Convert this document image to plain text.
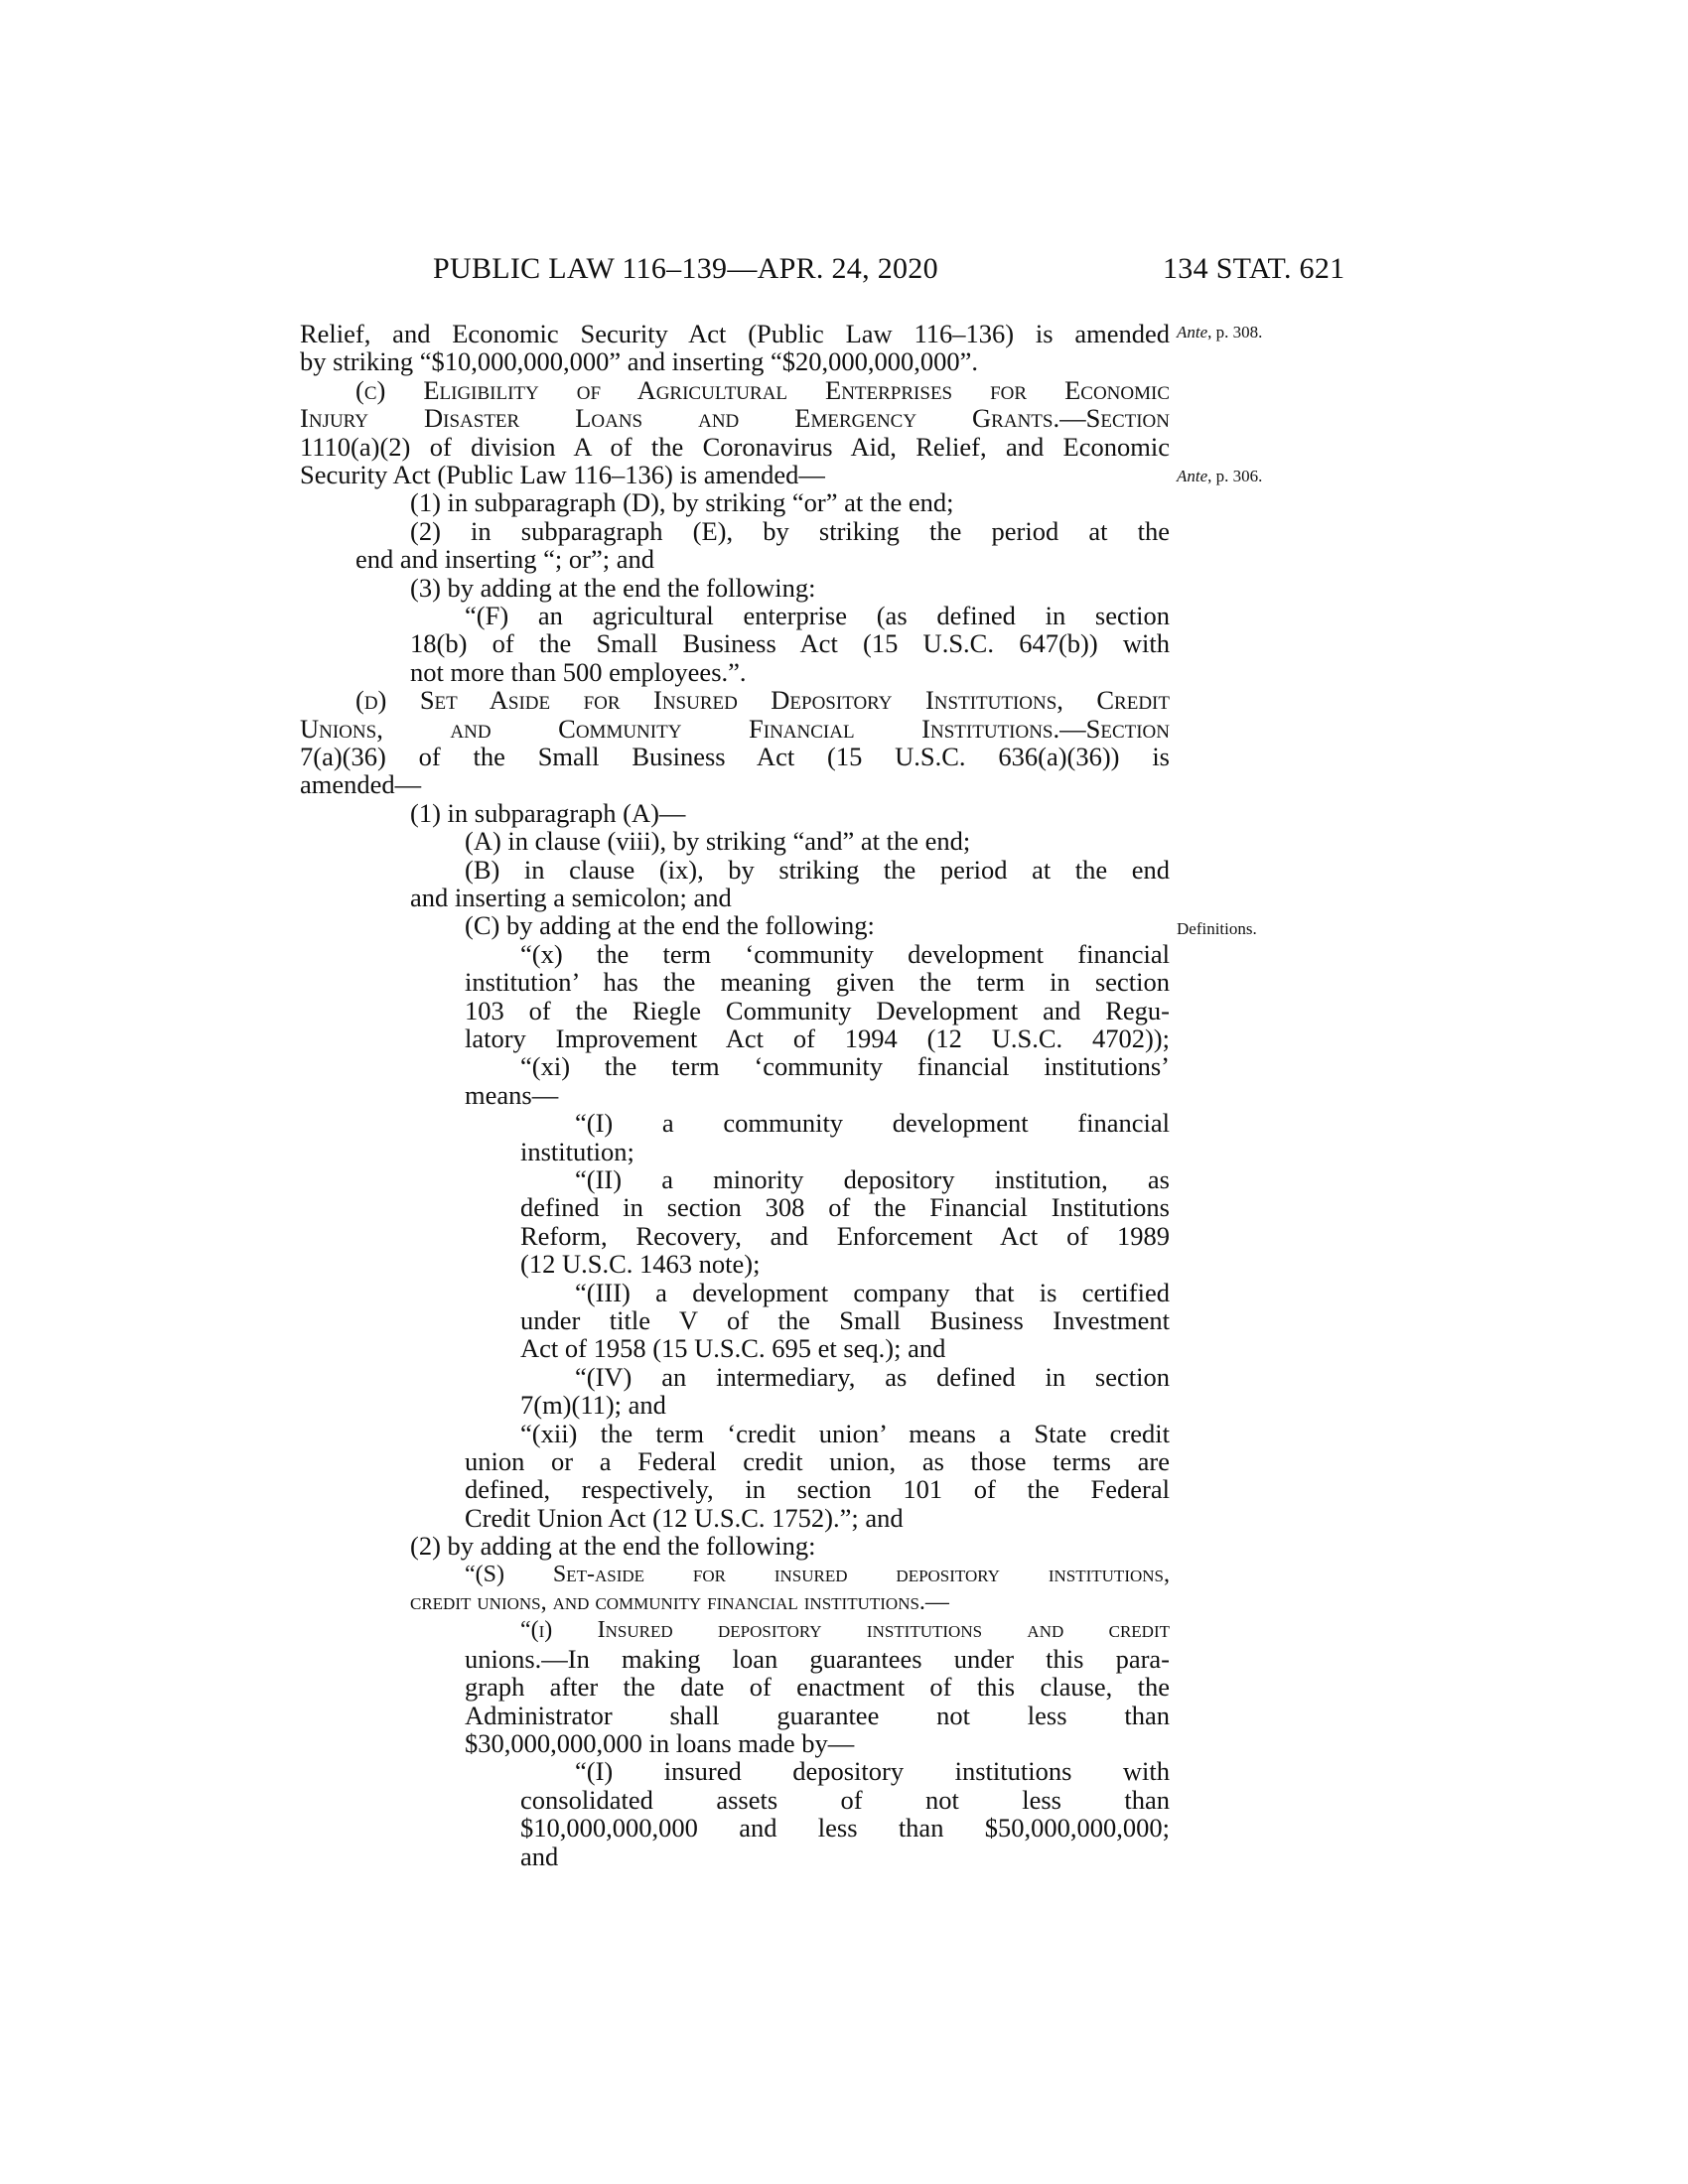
PUBLIC LAW 116–139—APR. 24, 2020	134 STAT. 621
Ante, p. 308.
Ante, p. 306.
Definitions.
Relief, and Economic Security Act (Public Law 116–136) is amended
by striking “$10,000,000,000” and inserting “$20,000,000,000”.
(c) Eligibility of Agricultural Enterprises for Economic
Injury Disaster Loans and Emergency Grants.—Section
1110(a)(2) of division A of the Coronavirus Aid, Relief, and Economic
Security Act (Public Law 116–136) is amended—
(1) in subparagraph (D), by striking “or” at the end;
(2) in subparagraph (E), by striking the period at the
end and inserting “; or”; and
(3) by adding at the end the following:
“(F) an agricultural enterprise (as defined in section
18(b) of the Small Business Act (15 U.S.C. 647(b)) with
not more than 500 employees.”.
(d) Set Aside for Insured Depository Institutions, Credit
Unions, and Community Financial Institutions.—Section
7(a)(36) of the Small Business Act (15 U.S.C. 636(a)(36)) is
amended—
(1) in subparagraph (A)—
(A) in clause (viii), by striking “and” at the end;
(B) in clause (ix), by striking the period at the end
and inserting a semicolon; and
(C) by adding at the end the following:
“(x) the term ‘community development financial
institution’ has the meaning given the term in section
103 of the Riegle Community Development and Regu-
latory Improvement Act of 1994 (12 U.S.C. 4702));
“(xi) the term ‘community financial institutions’
means—
“(I) a community development financial
institution;
“(II) a minority depository institution, as
defined in section 308 of the Financial Institutions
Reform, Recovery, and Enforcement Act of 1989
(12 U.S.C. 1463 note);
“(III) a development company that is certified
under title V of the Small Business Investment
Act of 1958 (15 U.S.C. 695 et seq.); and
“(IV) an intermediary, as defined in section
7(m)(11); and
“(xii) the term ‘credit union’ means a State credit
union or a Federal credit union, as those terms are
defined, respectively, in section 101 of the Federal
Credit Union Act (12 U.S.C. 1752).”; and
(2) by adding at the end the following:
“(S) Set-aside for insured depository institutions,
credit unions, and community financial institutions.—
“(i) Insured depository institutions and credit
unions.—In making loan guarantees under this para-
graph after the date of enactment of this clause, the
Administrator shall guarantee not less than
$30,000,000,000 in loans made by—
“(I) insured depository institutions with
consolidated assets of not less than
$10,000,000,000 and less than $50,000,000,000;
and
